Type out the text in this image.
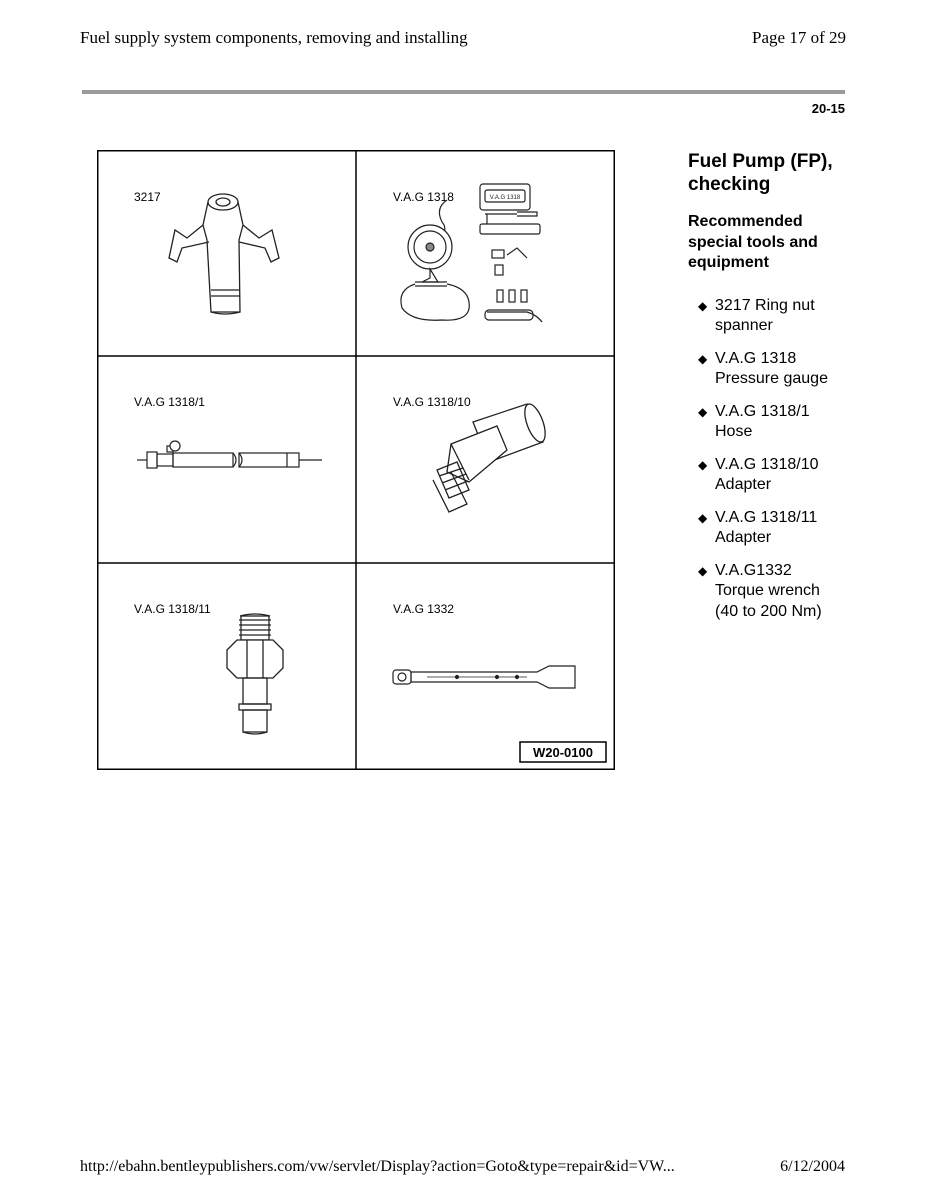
Fuel supply system components, removing and installing	Page 17 of 29
20-15
3217	V.A.G 1318	V.A.G 1318
V.A.G 1318/1	V.A.G 1318/10
V.A.G 1318/11	V.A.G 1332
W20-0100
Fuel Pump (FP), checking
Recommended special tools and equipment
◆ 3217 Ring nut spanner
◆ V.A.G 1318 Pressure gauge
◆ V.A.G 1318/1 Hose
◆ V.A.G 1318/10 Adapter
◆ V.A.G 1318/11 Adapter
◆ V.A.G1332 Torque wrench (40 to 200 Nm)
http://ebahn.bentleypublishers.com/vw/servlet/Display?action=Goto&type=repair&id=VW...	6/12/2004
